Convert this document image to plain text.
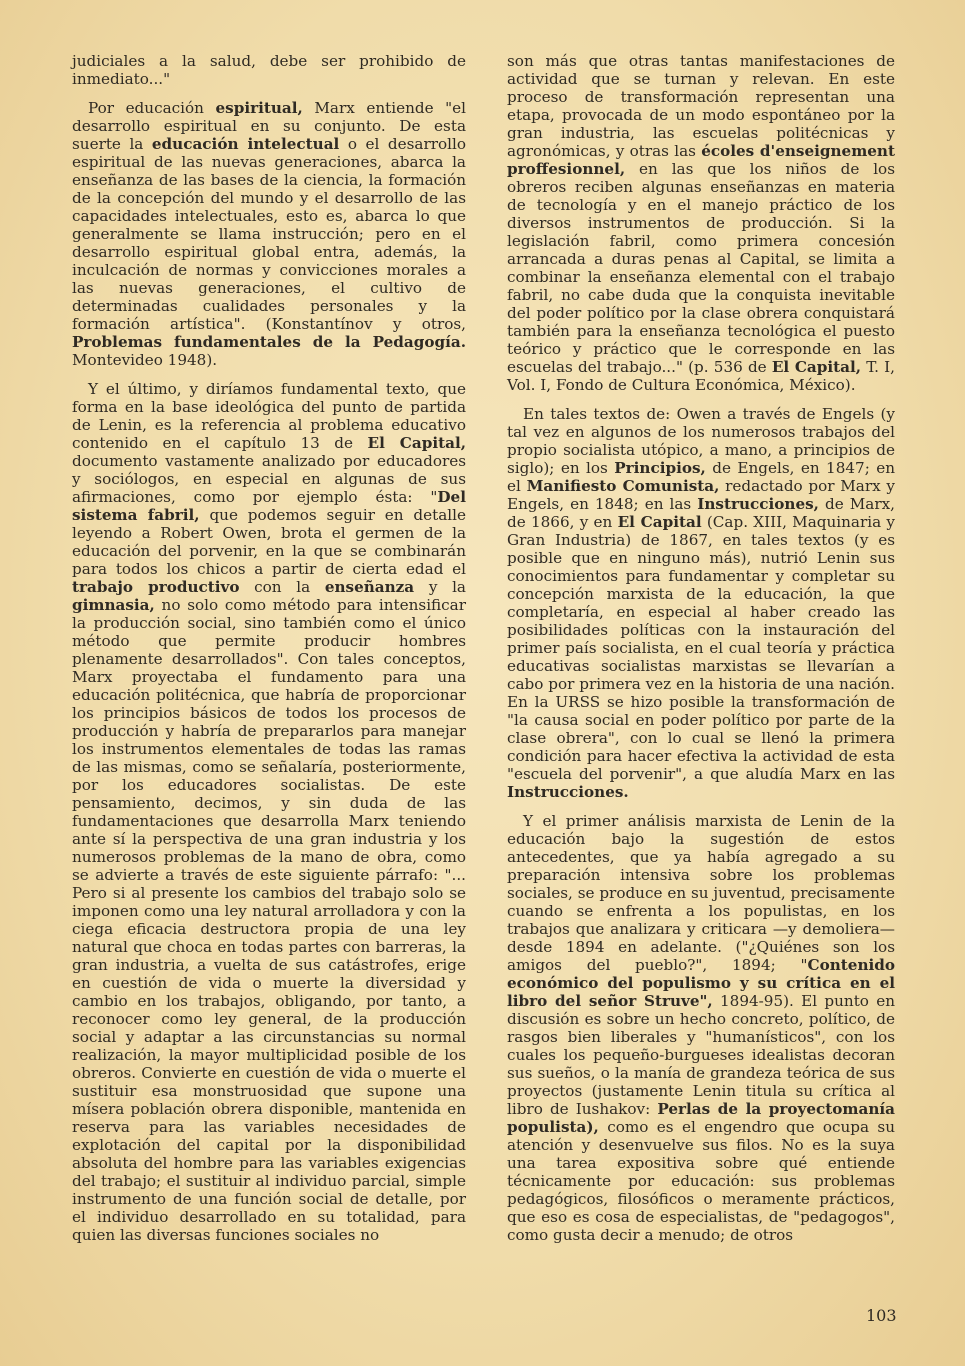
judiciales a la salud, debe ser prohibido de inmediato..."

Por educación espiritual, Marx entiende "el desarrollo espiritual en su conjunto. De esta suerte la educación intelectual o el desarrollo espiritual de las nuevas generaciones, abarca la enseñanza de las bases de la ciencia, la formación de la concepción del mundo y el desarrollo de las capacidades intelectuales, esto es, abarca lo que generalmente se llama instrucción; pero en el desarrollo espiritual global entra, además, la inculcación de normas y convicciones morales a las nuevas generaciones, el cultivo de determinadas cualidades personales y la formación artística". (Konstantínov y otros, Problemas fundamentales de la Pedagogía. Montevideo 1948).

Y el último, y diríamos fundamental texto, que forma en la base ideológica del punto de partida de Lenin, es la referencia al problema educativo contenido en el capítulo 13 de El Capital, documento vastamente analizado por educadores y sociólogos, en especial en algunas de sus afirmaciones, como por ejemplo ésta: "Del sistema fabril, que podemos seguir en detalle leyendo a Robert Owen, brota el germen de la educación del porvenir, en la que se combinarán para todos los chicos a partir de cierta edad el trabajo productivo con la enseñanza y la gimnasia, no solo como método para intensificar la producción social, sino también como el único método que permite producir hombres plenamente desarrollados". Con tales conceptos, Marx proyectaba el fundamento para una educación politécnica, que habría de proporcionar los principios básicos de todos los procesos de producción y habría de prepararlos para manejar los instrumentos elementales de todas las ramas de las mismas, como se señalaría, posteriormente, por los educadores socialistas. De este pensamiento, decimos, y sin duda de las fundamentaciones que desarrolla Marx teniendo ante sí la perspectiva de una gran industria y los numerosos problemas de la mano de obra, como se advierte a través de este siguiente párrafo: "... Pero si al presente los cambios del trabajo solo se imponen como una ley natural arrolladora y con la ciega eficacia destructora propia de una ley natural que choca en todas partes con barreras, la gran industria, a vuelta de sus catástrofes, erige en cuestión de vida o muerte la diversidad y cambio en los trabajos, obligando, por tanto, a reconocer como ley general, de la producción social y adaptar a las circunstancias su normal realización, la mayor multiplicidad posible de los obreros. Convierte en cuestión de vida o muerte el sustituir esa monstruosidad que supone una mísera población obrera disponible, mantenida en reserva para las variables necesidades de explotación del capital por la disponibilidad absoluta del hombre para las variables exigencias del trabajo; el sustituir al individuo parcial, simple instrumento de una función social de detalle, por el individuo desarrollado en su totalidad, para quien las diversas funciones sociales no

son más que otras tantas manifestaciones de actividad que se turnan y relevan. En este proceso de transformación representan una etapa, provocada de un modo espontáneo por la gran industria, las escuelas politécnicas y agronómicas, y otras las écoles d'enseignement proffesionnel, en las que los niños de los obreros reciben algunas enseñanzas en materia de tecnología y en el manejo práctico de los diversos instrumentos de producción. Si la legislación fabril, como primera concesión arrancada a duras penas al Capital, se limita a combinar la enseñanza elemental con el trabajo fabril, no cabe duda que la conquista inevitable del poder político por la clase obrera conquistará también para la enseñanza tecnológica el puesto teórico y práctico que le corresponde en las escuelas del trabajo..." (p. 536 de El Capital, T. I, Vol. I, Fondo de Cultura Económica, México).

En tales textos de: Owen a través de Engels (y tal vez en algunos de los numerosos trabajos del propio socialista utópico, a mano, a principios de siglo); en los Principios, de Engels, en 1847; en el Manifiesto Comunista, redactado por Marx y Engels, en 1848; en las Instrucciones, de Marx, de 1866, y en El Capital (Cap. XIII, Maquinaria y Gran Industria) de 1867, en tales textos (y es posible que en ninguno más), nutrió Lenin sus conocimientos para fundamentar y completar su concepción marxista de la educación, la que completaría, en especial al haber creado las posibilidades políticas con la instauración del primer país socialista, en el cual teoría y práctica educativas socialistas marxistas se llevarían a cabo por primera vez en la historia de una nación. En la URSS se hizo posible la transformación de "la causa social en poder político por parte de la clase obrera", con lo cual se llenó la primera condición para hacer efectiva la actividad de esta "escuela del porvenir", a que aludía Marx en las Instrucciones.

Y el primer análisis marxista de Lenin de la educación bajo la sugestión de estos antecedentes, que ya había agregado a su preparación intensiva sobre los problemas sociales, se produce en su juventud, precisamente cuando se enfrenta a los populistas, en los trabajos que analizara y criticara —y demoliera— desde 1894 en adelante. ("¿Quiénes son los amigos del pueblo?", 1894; "Contenido económico del populismo y su crítica en el libro del señor Struve", 1894-95). El punto en discusión es sobre un hecho concreto, político, de rasgos bien liberales y "humanísticos", con los cuales los pequeño-burgueses idealistas decoran sus sueños, o la manía de grandeza teórica de sus proyectos (justamente Lenin titula su crítica al libro de Iushakov: Perlas de la proyectomanía populista), como es el engendro que ocupa su atención y desenvuelve sus filos. No es la suya una tarea expositiva sobre qué entiende técnicamente por educación: sus problemas pedagógicos, filosóficos o meramente prácticos, que eso es cosa de especialistas, de "pedagogos", como gusta decir a menudo; de otros

103
